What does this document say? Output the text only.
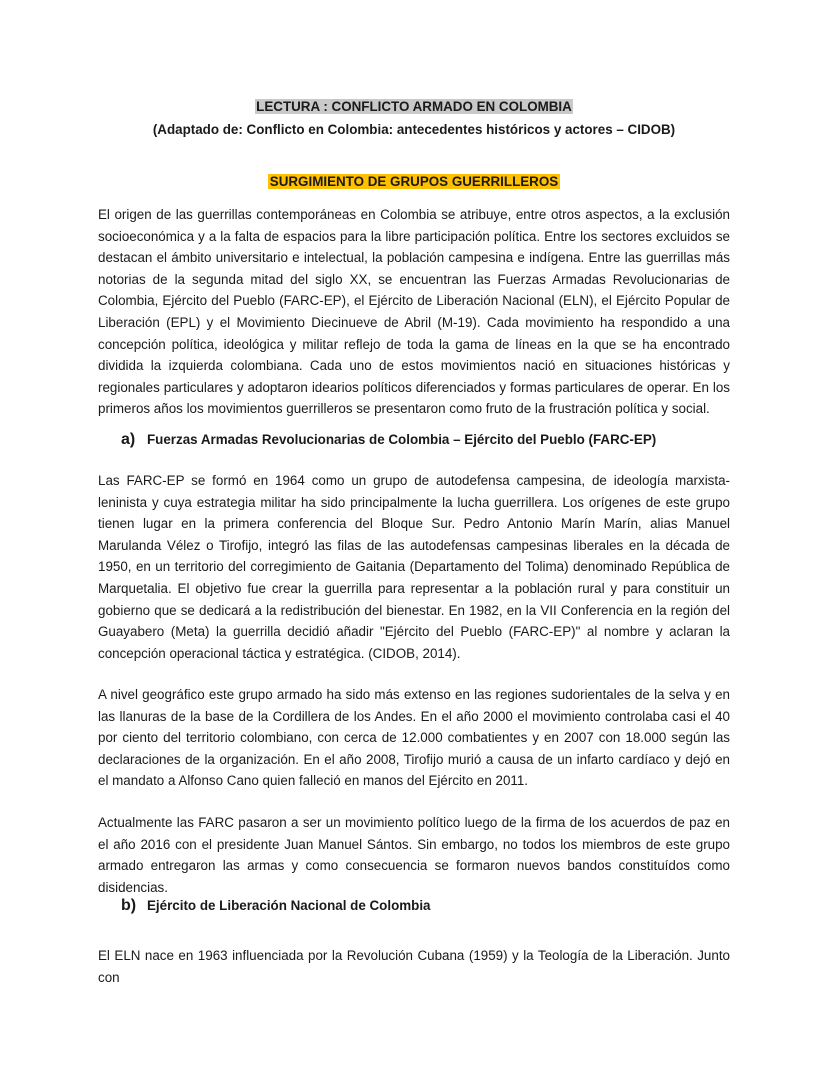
LECTURA : CONFLICTO ARMADO EN COLOMBIA
(Adaptado de: Conflicto en Colombia: antecedentes históricos y actores – CIDOB)
SURGIMIENTO DE GRUPOS GUERRILLEROS

El origen de las guerrillas contemporáneas en Colombia se atribuye, entre otros aspectos, a la exclusión socioeconómica y a la falta de espacios para la libre participación política. Entre los sectores excluidos se destacan el ámbito universitario e intelectual, la población campesina e indígena. Entre las guerrillas más notorias de la segunda mitad del siglo XX, se encuentran las Fuerzas Armadas Revolucionarias de Colombia, Ejército del Pueblo (FARC-EP), el Ejército de Liberación Nacional (ELN), el Ejército Popular de Liberación (EPL) y el Movimiento Diecinueve de Abril (M-19). Cada movimiento ha respondido a una concepción política, ideológica y militar reflejo de toda la gama de líneas en la que se ha encontrado dividida la izquierda colombiana. Cada uno de estos movimientos nació en situaciones históricas y regionales particulares y adoptaron idearios políticos diferenciados y formas particulares de operar. En los primeros años los movimientos guerrilleros se presentaron como fruto de la frustración política y social.

a) Fuerzas Armadas Revolucionarias de Colombia – Ejército del Pueblo (FARC-EP)

Las FARC-EP se formó en 1964 como un grupo de autodefensa campesina, de ideología marxista-leninista y cuya estrategia militar ha sido principalmente la lucha guerrillera. Los orígenes de este grupo tienen lugar en la primera conferencia del Bloque Sur. Pedro Antonio Marín Marín, alias Manuel Marulanda Vélez o Tirofijo, integró las filas de las autodefensas campesinas liberales en la década de 1950, en un territorio del corregimiento de Gaitania (Departamento del Tolima) denominado República de Marquetalia. El objetivo fue crear la guerrilla para representar a la población rural y para constituir un gobierno que se dedicará a la redistribución del bienestar. En 1982, en la VII Conferencia en la región del Guayabero (Meta) la guerrilla decidió añadir "Ejército del Pueblo (FARC-EP)" al nombre y aclaran la concepción operacional táctica y estratégica. (CIDOB, 2014).

A nivel geográfico este grupo armado ha sido más extenso en las regiones sudorientales de la selva y en las llanuras de la base de la Cordillera de los Andes. En el año 2000 el movimiento controlaba casi el 40 por ciento del territorio colombiano, con cerca de 12.000 combatientes y en 2007 con 18.000 según las declaraciones de la organización. En el año 2008, Tirofijo murió a causa de un infarto cardíaco y dejó en el mandato a Alfonso Cano quien falleció en manos del Ejército en 2011.

Actualmente las FARC pasaron a ser un movimiento político luego de la firma de los acuerdos de paz en el año 2016 con el presidente Juan Manuel Sántos. Sin embargo, no todos los miembros de este grupo armado entregaron las armas y como consecuencia se formaron nuevos bandos constituídos como disidencias.

b) Ejército de Liberación Nacional de Colombia

El ELN nace en 1963 influenciada por la Revolución Cubana (1959) y la Teología de la Liberación. Junto con
